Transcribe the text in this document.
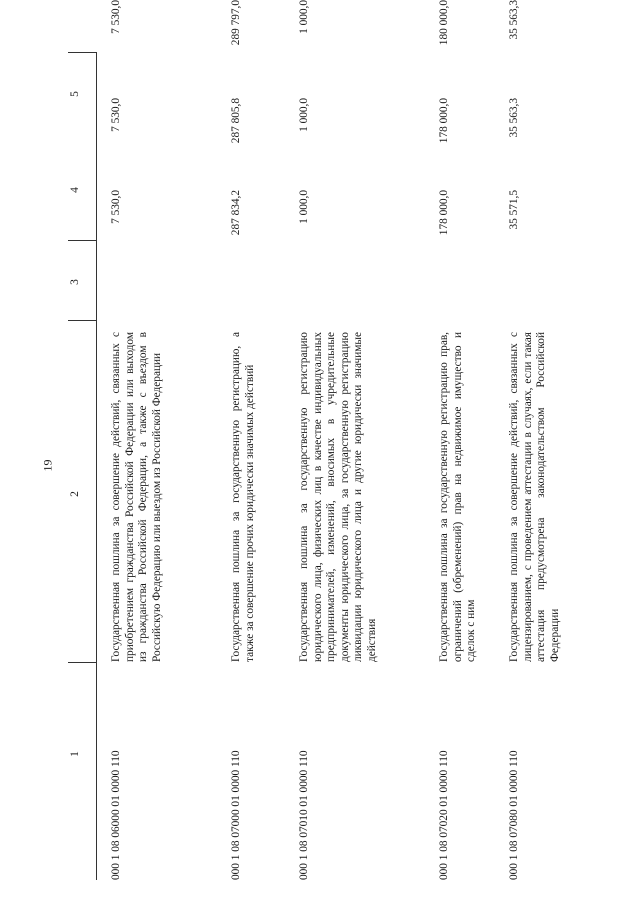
19
5
4
3
2
1	000 1 08 06000 01 0000 110
Государственная пошлина за совершение действий, связанных с приобретением гражданства Российской Федерации или выходом из гражданства Российской Федерации, а также с въездом в Российскую Федерацию или выездом из Российской Федерации
7 530,0
7 530,0
7 530,0
000 1 08 07000 01 0000 110
Государственная пошлина за государственную регистрацию, а также за совершение прочих юридически значимых действий
287 834,2
287 805,8
289 797,0
000 1 08 07010 01 0000 110
Государственная пошлина за государственную регистрацию юридического лица, физических лиц в качестве индивидуальных предпринимателей, изменений, вносимых в учредительные документы юридического лица, за государственную регистрацию ликвидации юридического лица и другие юридически значимые действия
1 000,0
1 000,0
1 000,0
000 1 08 07020 01 0000 110
Государственная пошлина за государственную регистрацию прав, ограничений (обременений) прав на недвижимое имущество и сделок с ним
178 000,0
178 000,0
180 000,0
000 1 08 07080 01 0000 110
Государственная пошлина за совершение действий, связанных с лицензированием, с проведением аттестации в случаях, если такая аттестация предусмотрена законодательством Российской Федерации
35 571,5
35 563,3
35 563,3
